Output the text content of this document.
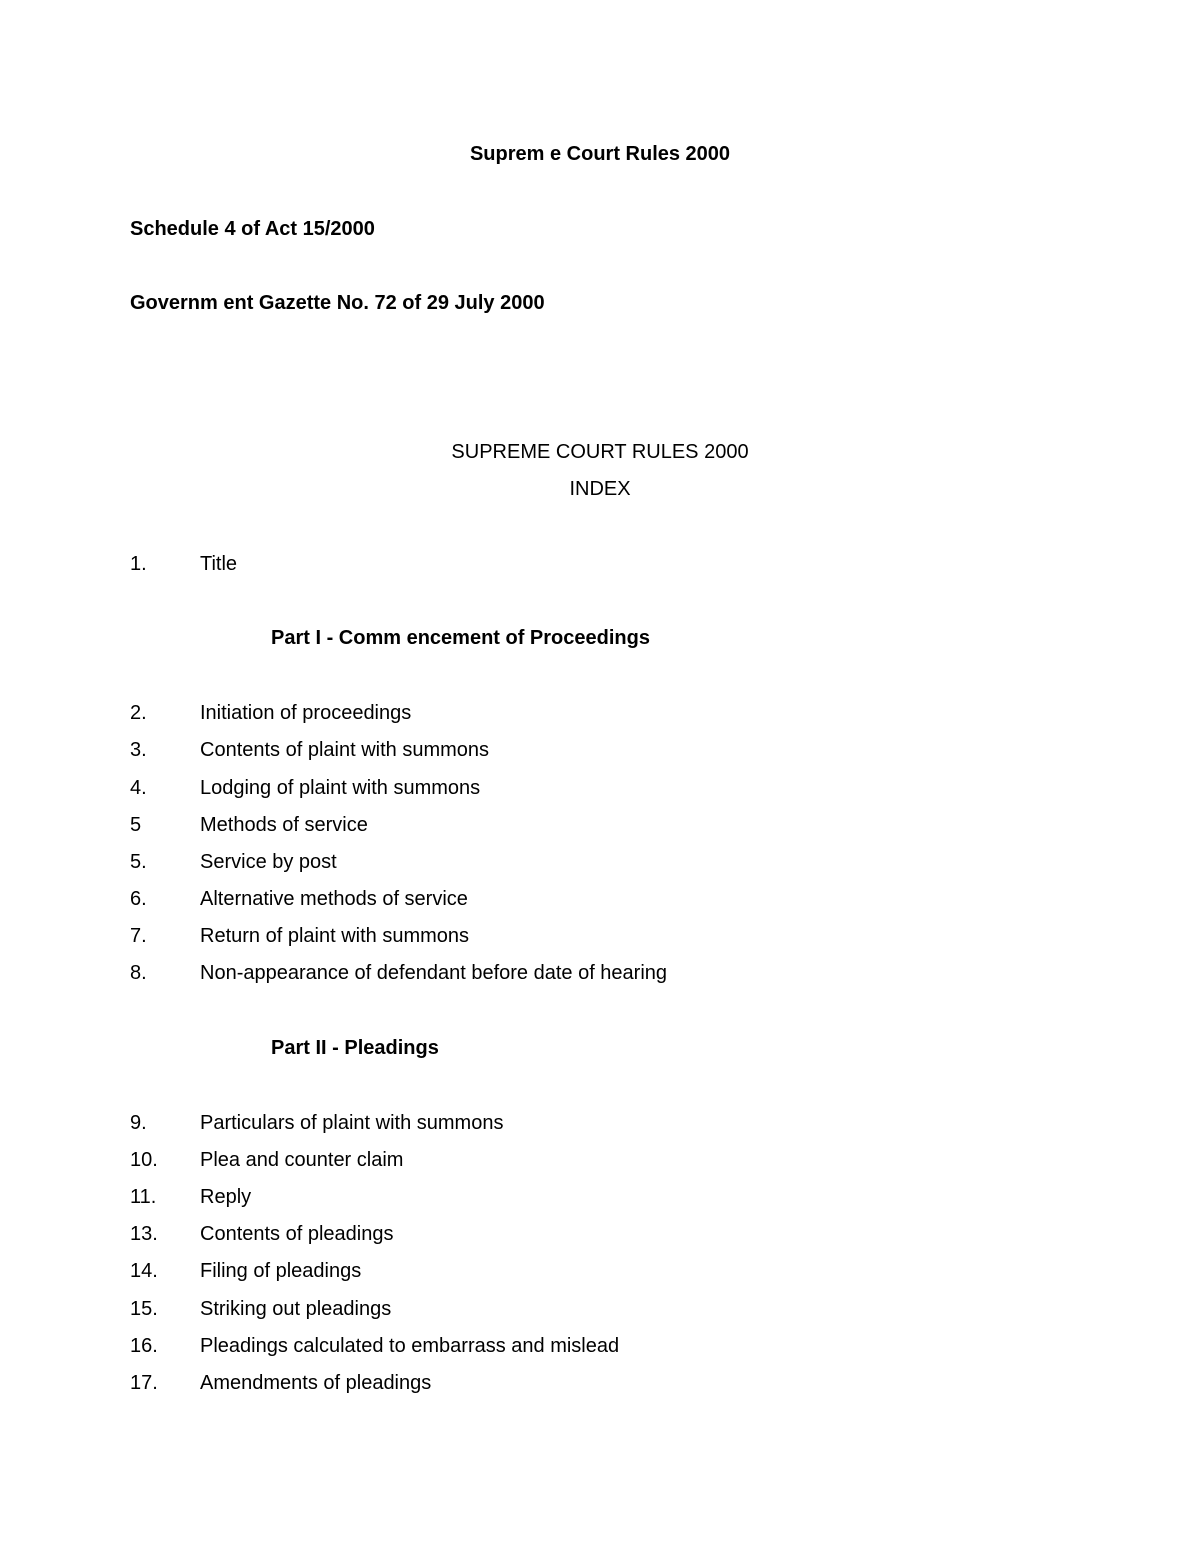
Suprem e Court Rules 2000
Schedule 4 of Act 15/2000
Governm ent Gazette No. 72 of 29 July 2000
SUPREME COURT RULES 2000
INDEX
1.	Title
Part I - Comm encement of Proceedings
2.	Initiation of proceedings
3.	Contents of plaint with summons
4.	Lodging of plaint with summons
5	Methods of service
5.	Service by post
6.	Alternative methods of service
7.	Return of plaint with summons
8.	Non-appearance of defendant before date of hearing
Part II - Pleadings
9.	Particulars of plaint with summons
10. Plea and counter claim
11. Reply
13. Contents of pleadings
14. Filing of pleadings
15. Striking out pleadings
16. Pleadings calculated to embarrass and mislead
17. Amendments of pleadings
